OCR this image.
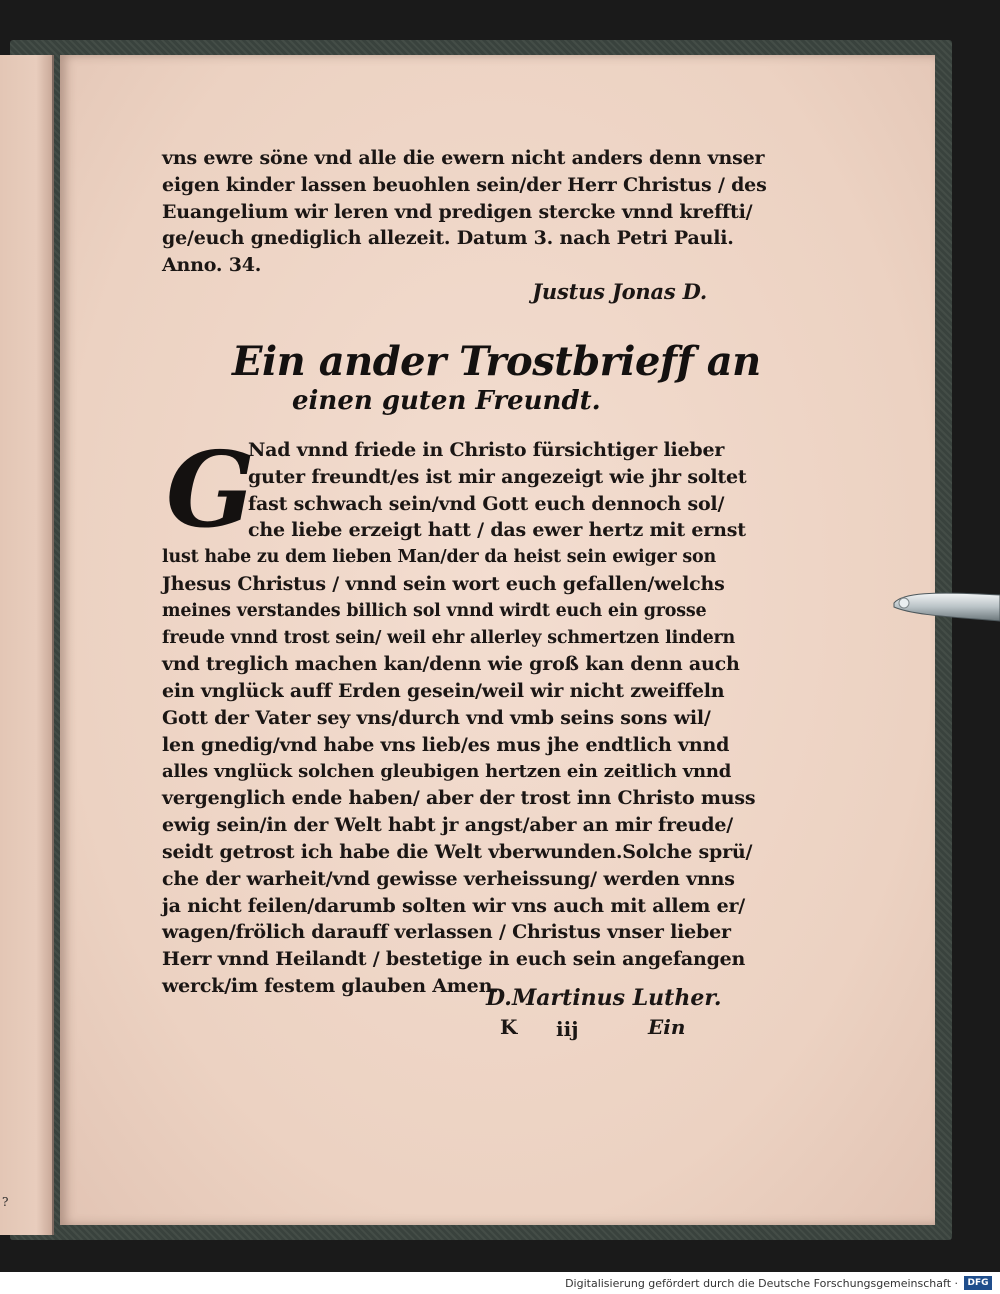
?
vns ewre söne vnd alle die ewern nicht anders denn vnser
eigen kinder lassen beuohlen sein/der Herr Christus / des
Euangelium wir leren vnd predigen stercke vnnd kreffti/
ge/euch gnediglich allezeit. Datum 3. nach Petri Pauli.
Anno. 34.
Justus Jonas D.
Ein ander Trostbrieff an
einen guten Freundt.
G
Nad vnnd friede in Christo fürsichtiger lieber
guter freundt/es ist mir angezeigt wie jhr soltet
fast schwach sein/vnd Gott euch dennoch sol/
che liebe erzeigt hatt / das ewer hertz mit ernst
lust habe zu dem lieben Man/der da heist sein ewiger son
Jhesus Christus / vnnd sein wort euch gefallen/welchs
meines verstandes billich sol vnnd wirdt euch ein grosse
freude vnnd trost sein/ weil ehr allerley schmertzen lindern
vnd treglich machen kan/denn wie groß kan denn auch
ein vnglück auff Erden gesein/weil wir nicht zweiffeln
Gott der Vater sey vns/durch vnd vmb seins sons wil/
len gnedig/vnd habe vns lieb/es mus jhe endtlich vnnd
alles vnglück solchen gleubigen hertzen ein zeitlich vnnd
vergenglich ende haben/ aber der trost inn Christo muss
ewig sein/in der Welt habt jr angst/aber an mir freude/
seidt getrost ich habe die Welt vberwunden.Solche sprü/
che der warheit/vnd gewisse verheissung/ werden vnns
ja nicht feilen/darumb solten wir vns auch mit allem er/
wagen/frölich darauff verlassen / Christus vnser lieber
Herr vnnd Heilandt / bestetige in euch sein angefangen
werck/im festem glauben Amen.
D.Martinus Luther.
K iij	Ein
Digitalisierung gefördert durch die Deutsche Forschungsgemeinschaft ·	DFG
